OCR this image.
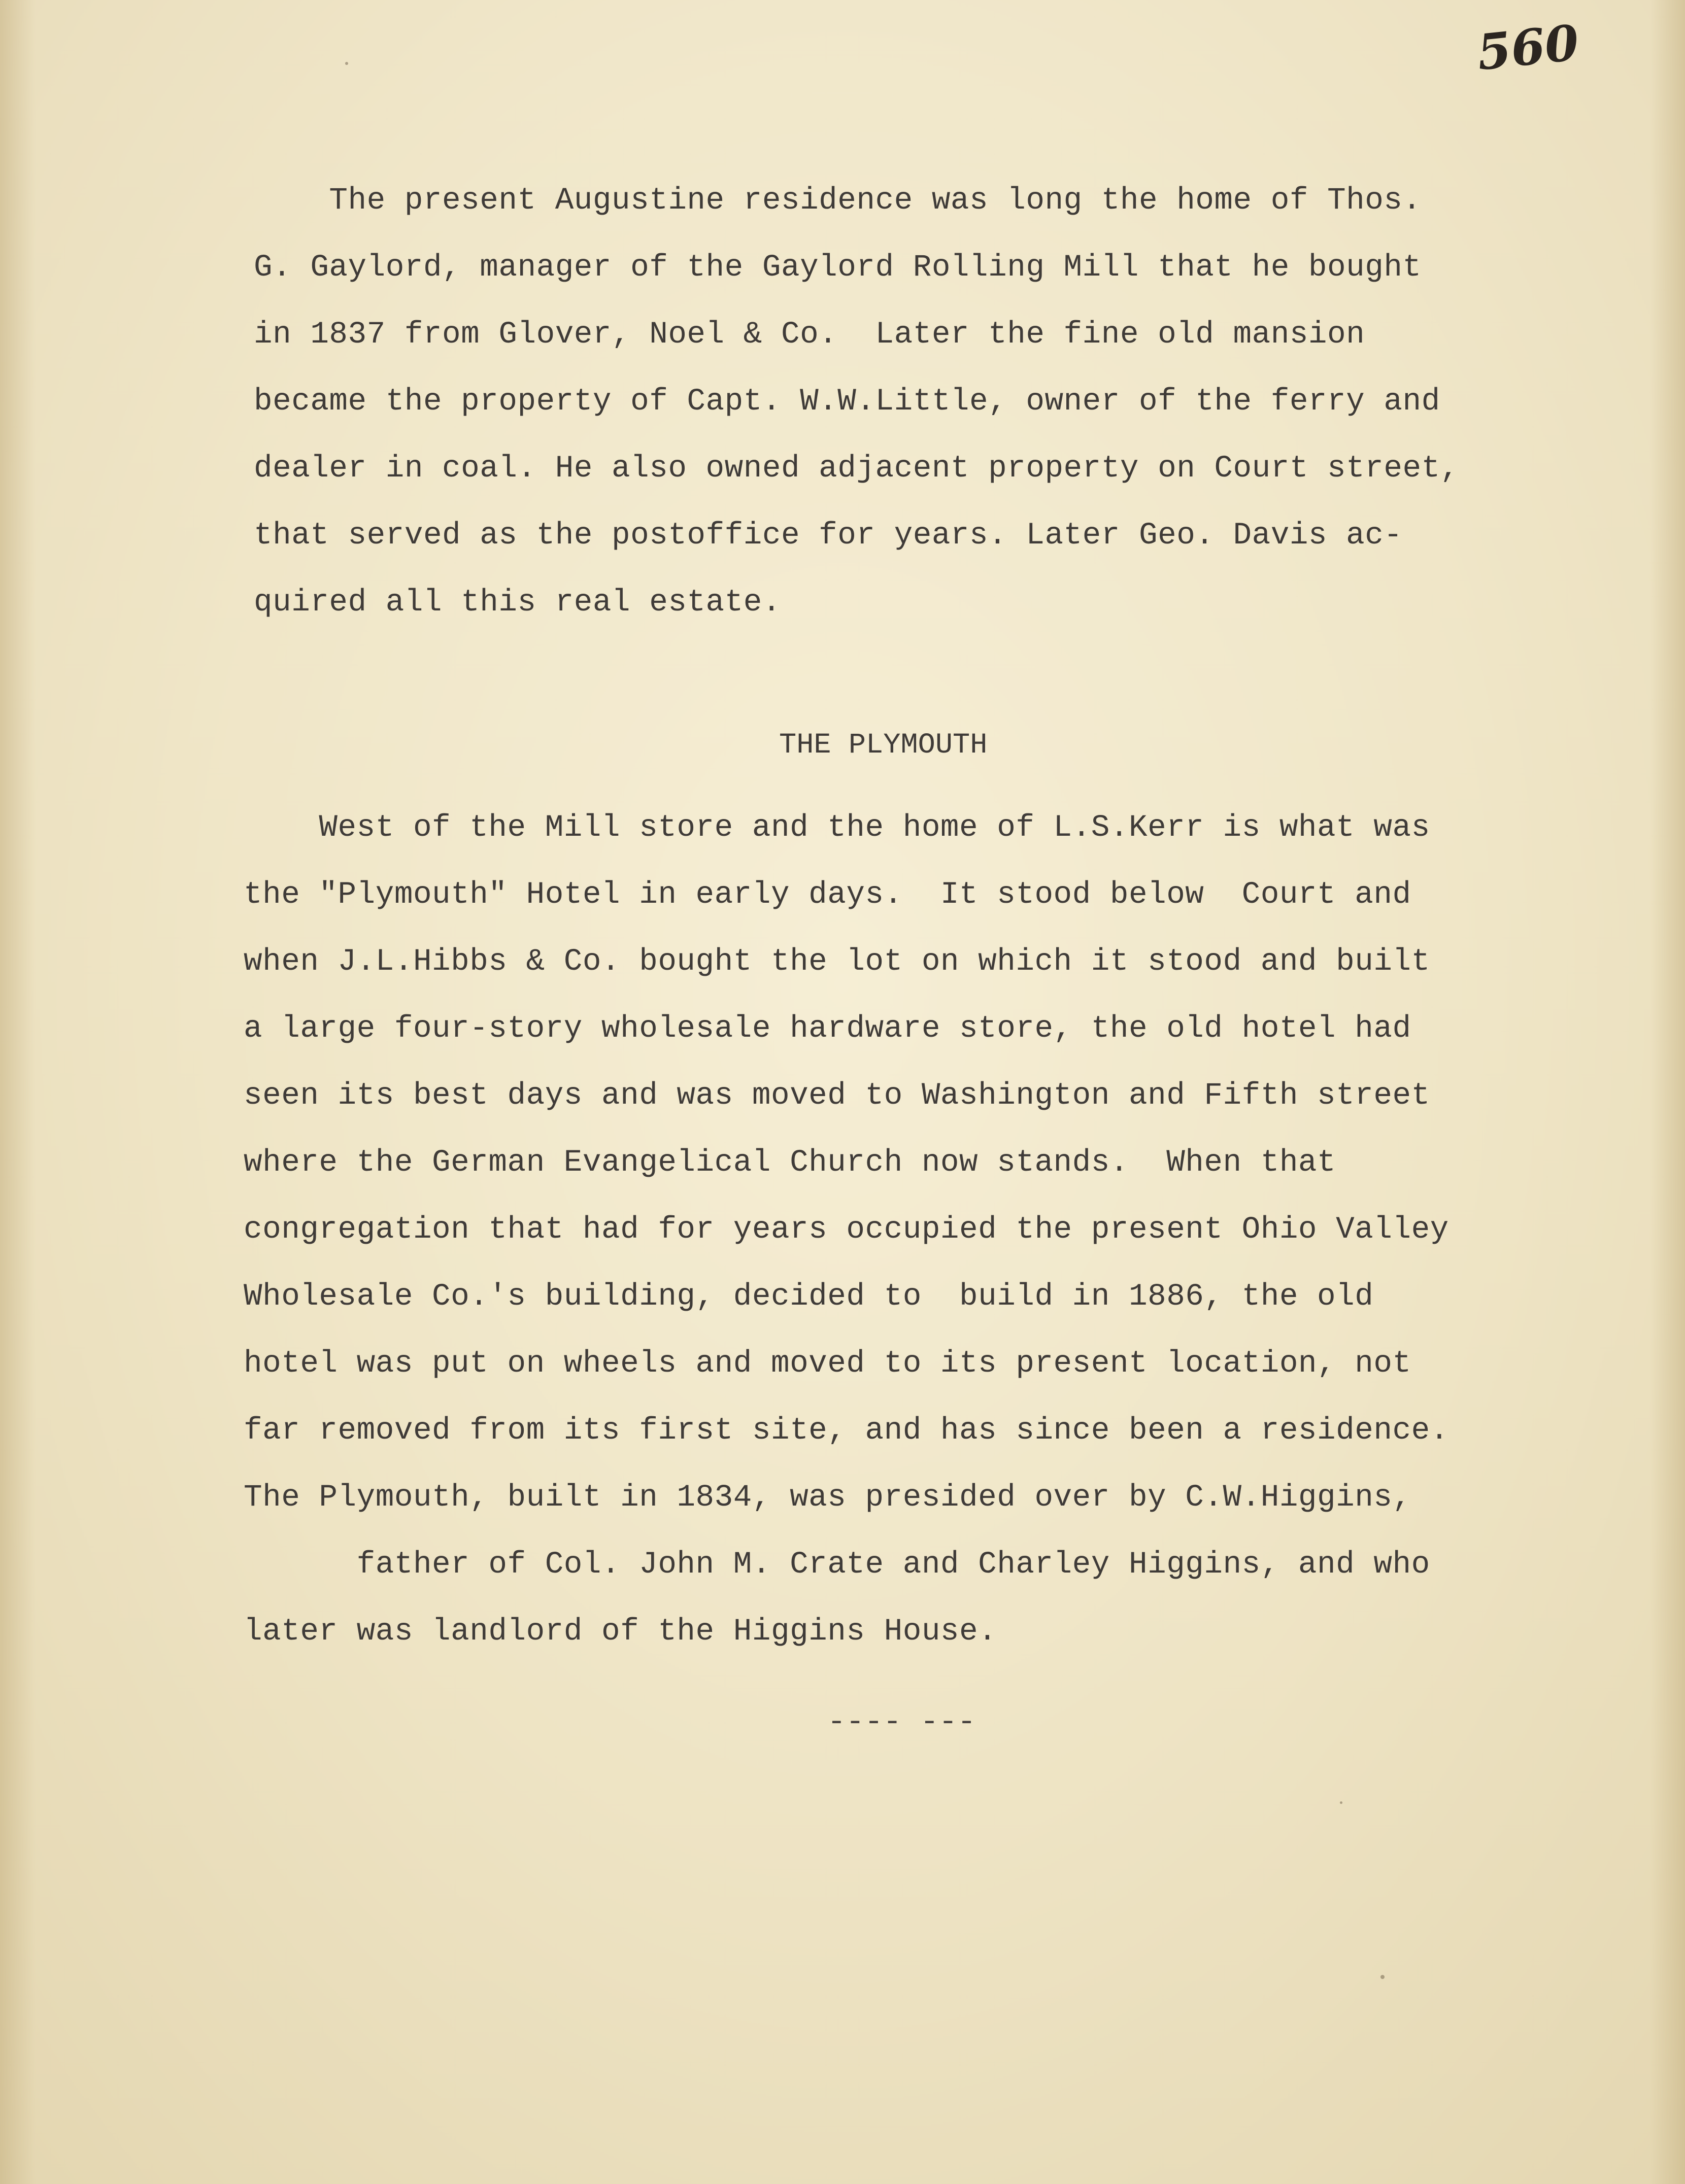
560

The present Augustine residence was long the home of Thos.

G. Gaylord, manager of the Gaylord Rolling Mill that he bought

in 1837 from Glover, Noel & Co.  Later the fine old mansion

became the property of Capt. W.W.Little, owner of the ferry and

dealer in coal. He also owned adjacent property on Court street,

that served as the postoffice for years. Later Geo. Davis ac-

quired all this real estate.

THE PLYMOUTH

West of the Mill store and the home of L.S.Kerr is what was

the "Plymouth" Hotel in early days.  It stood below  Court and

when J.L.Hibbs & Co. bought the lot on which it stood and built

a large four-story wholesale hardware store, the old hotel had

seen its best days and was moved to Washington and Fifth street

where the German Evangelical Church now stands.  When that

congregation that had for years occupied the present Ohio Valley

Wholesale Co.'s building, decided to  build in 1886, the old

hotel was put on wheels and moved to its present location, not

far removed from its first site, and has since been a residence.

The Plymouth, built in 1834, was presided over by C.W.Higgins,

father of Col. John M. Crate and Charley Higgins, and who

later was landlord of the Higgins House.

---- ---
